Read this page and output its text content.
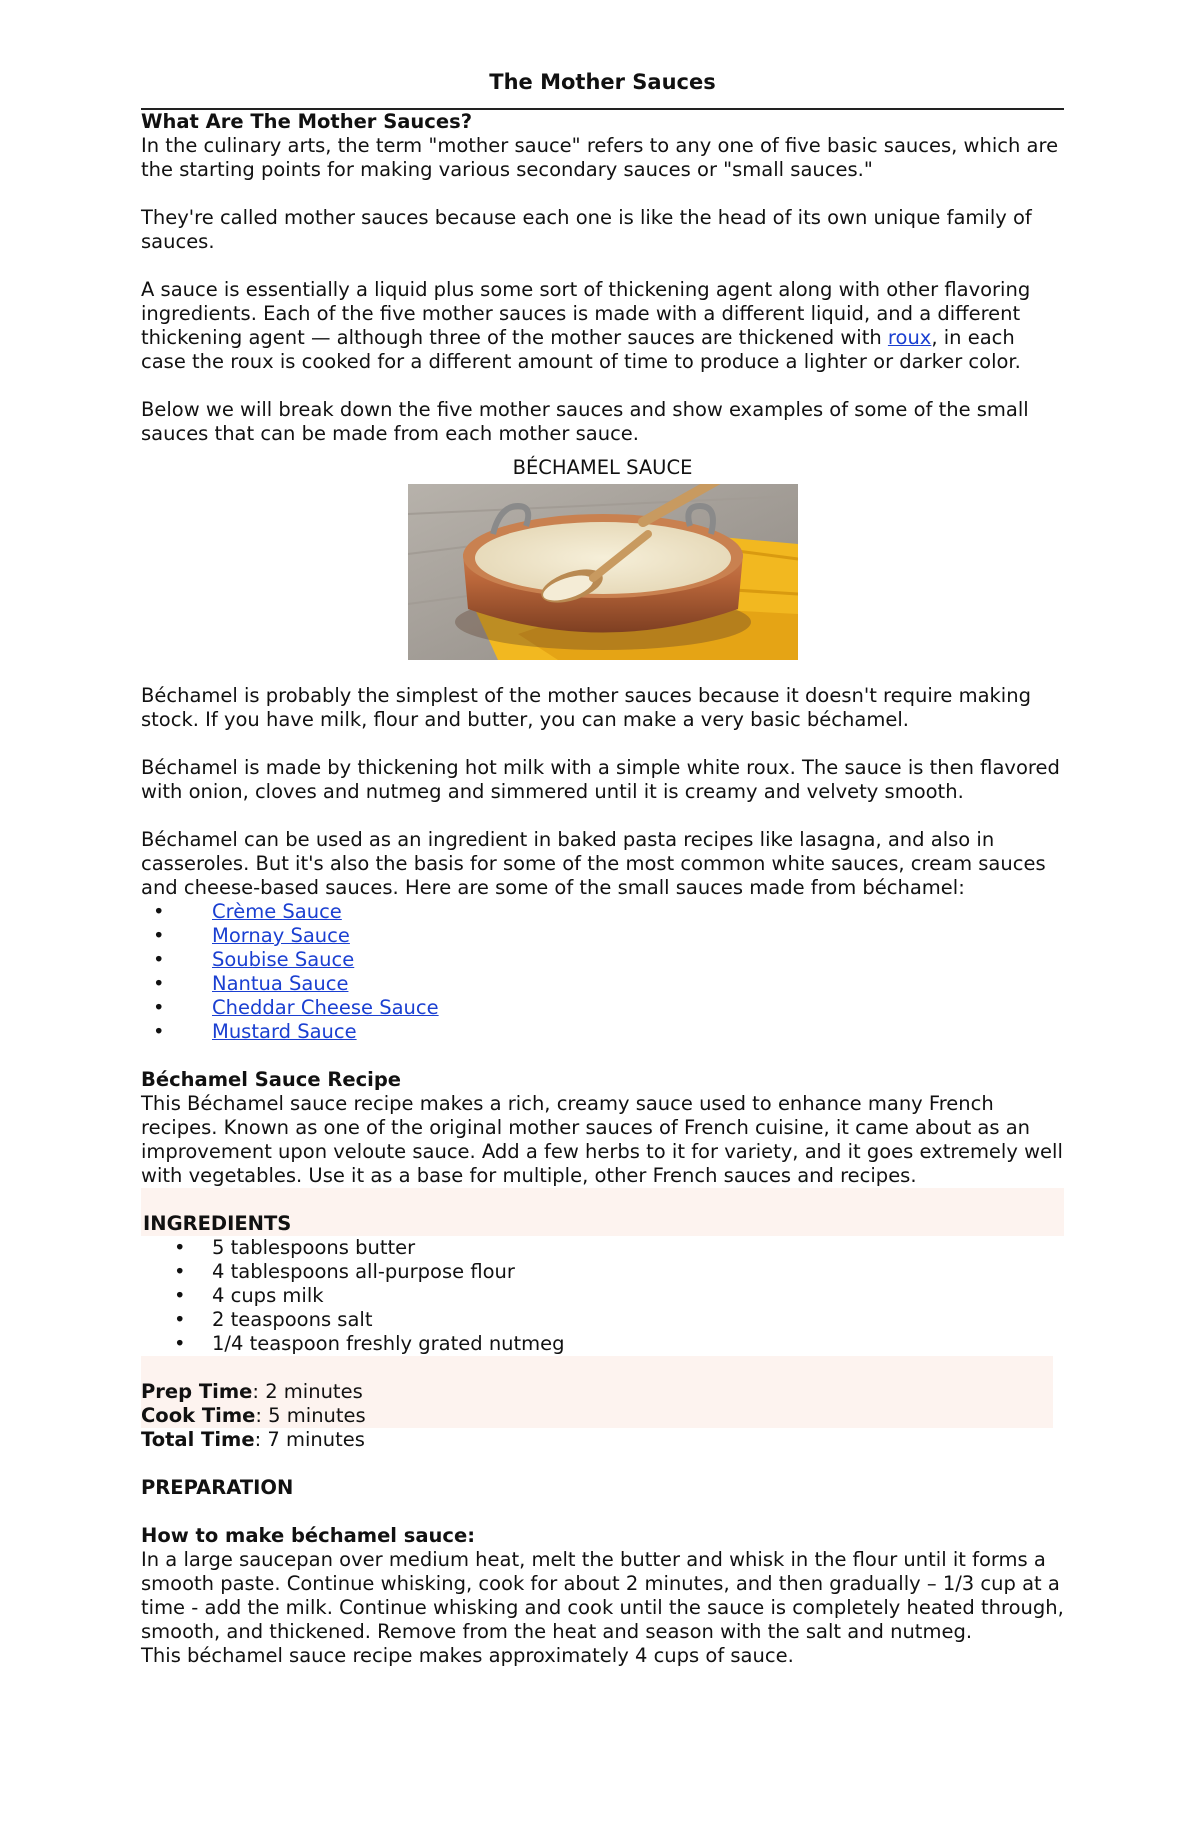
The Mother Sauces
What Are The Mother Sauces?

In the culinary arts, the term "mother sauce" refers to any one of five basic sauces, which are the starting points for making various secondary sauces or "small sauces."

They're called mother sauces because each one is like the head of its own unique family of sauces.

A sauce is essentially a liquid plus some sort of thickening agent along with other flavoring ingredients. Each of the five mother sauces is made with a different liquid, and a different thickening agent — although three of the mother sauces are thickened with roux, in each case the roux is cooked for a different amount of time to produce a lighter or darker color.

Below we will break down the five mother sauces and show examples of some of the small sauces that can be made from each mother sauce.

BÉCHAMEL SAUCE

Béchamel is probably the simplest of the mother sauces because it doesn't require making stock. If you have milk, flour and butter, you can make a very basic béchamel.

Béchamel is made by thickening hot milk with a simple white roux. The sauce is then flavored with onion, cloves and nutmeg and simmered until it is creamy and velvety smooth.

Béchamel can be used as an ingredient in baked pasta recipes like lasagna, and also in casseroles. But it's also the basis for some of the most common white sauces, cream sauces and cheese-based sauces. Here are some of the small sauces made from béchamel:

• Crème Sauce
• Mornay Sauce
• Soubise Sauce
• Nantua Sauce
• Cheddar Cheese Sauce
• Mustard Sauce
Béchamel Sauce Recipe

This Béchamel sauce recipe makes a rich, creamy sauce used to enhance many French recipes. Known as one of the original mother sauces of French cuisine, it came about as an improvement upon veloute sauce. Add a few herbs to it for variety, and it goes extremely well with vegetables. Use it as a base for multiple, other French sauces and recipes.

INGREDIENTS

• 5 tablespoons butter
• 4 tablespoons all-purpose flour
• 4 cups milk
• 2 teaspoons salt
• 1/4 teaspoon freshly grated nutmeg

Prep Time: 2 minutes

Cook Time: 5 minutes

Total Time: 7 minutes

PREPARATION
How to make béchamel sauce:

In a large saucepan over medium heat, melt the butter and whisk in the flour until it forms a smooth paste. Continue whisking, cook for about 2 minutes, and then gradually – 1/3 cup at a time - add the milk. Continue whisking and cook until the sauce is completely heated through, smooth, and thickened. Remove from the heat and season with the salt and nutmeg.

This béchamel sauce recipe makes approximately 4 cups of sauce.
